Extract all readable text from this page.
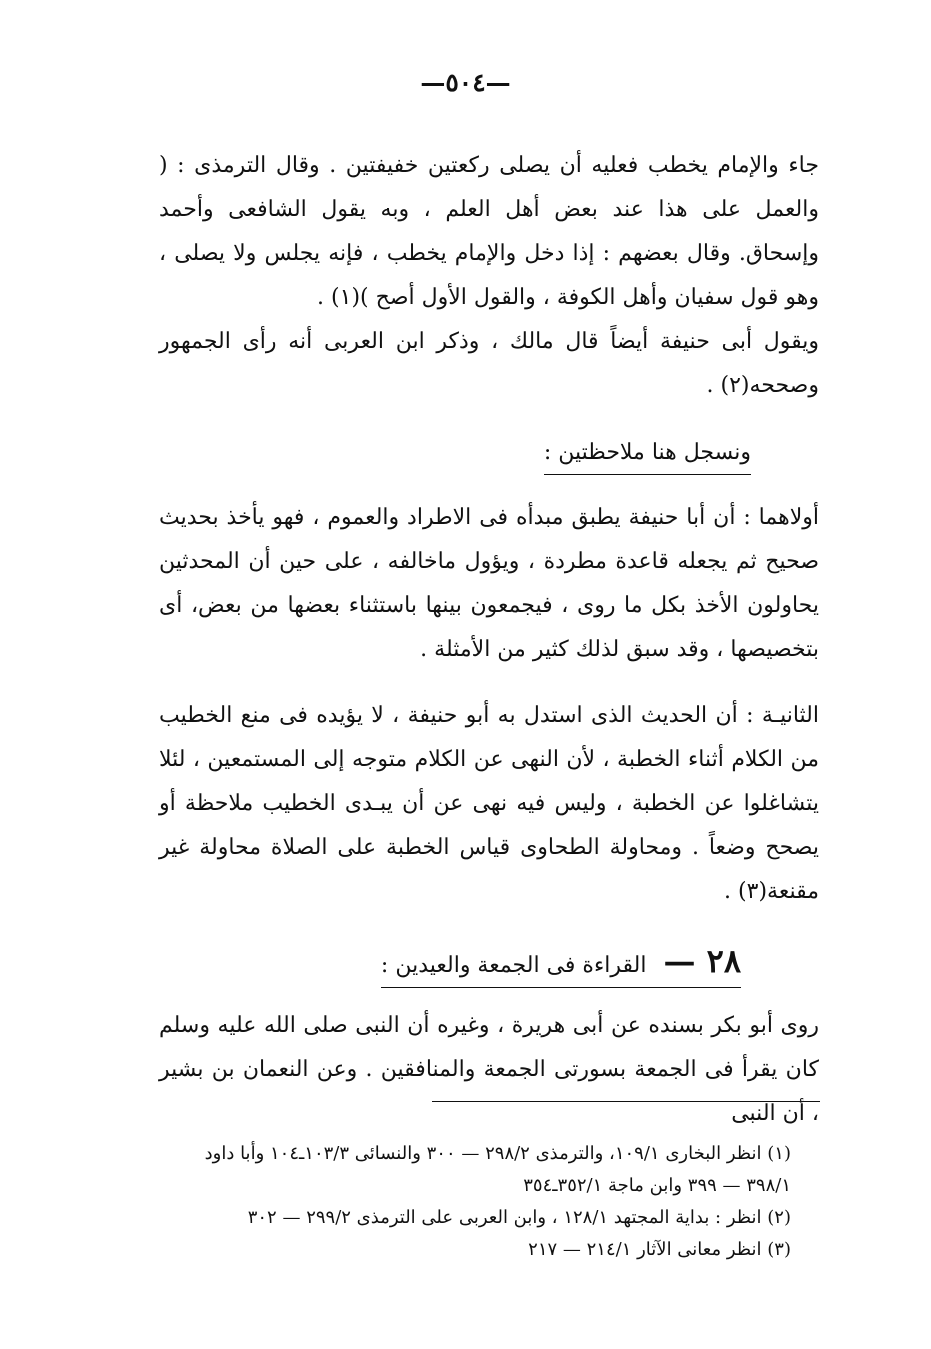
—٥٠٤—
جاء والإمام يخطب فعليه أن يصلى ركعتين خفيفتين . وقال الترمذى : ( والعمل على هذا عند بعض أهل العلم ، وبه يقول الشافعى وأحمد وإسحاق. وقال بعضهم : إذا دخل والإمام يخطب ، فإنه يجلس ولا يصلى ، وهو قول سفيان وأهل الكوفة ، والقول الأول أصح )(١) .
ويقول أبى حنيفة أيضاً قال مالك ، وذكر ابن العربى أنه رأى الجمهور وصححه(٢) .
ونسجل هنا ملاحظتين :
أولاهما : أن أبا حنيفة يطبق مبدأه فى الاطراد والعموم ، فهو يأخذ بحديث صحيح ثم يجعله قاعدة مطردة ، ويؤول ماخالفه ، على حين أن المحدثين يحاولون الأخذ بكل ما روى ، فيجمعون بينها باستثناء بعضها من بعض، أى بتخصيصها ، وقد سبق لذلك كثير من الأمثلة .
الثانيـة : أن الحديث الذى استدل به أبو حنيفة ، لا يؤيده فى منع الخطيب من الكلام أثناء الخطبة ، لأن النهى عن الكلام متوجه إلى المستمعين ، لئلا يتشاغلوا عن الخطبة ، وليس فيه نهى عن أن يبـدى الخطيب ملاحظة أو يصحح وضعاً . ومحاولة الطحاوى قياس الخطبة على الصلاة محاولة غير مقنعة(٣) .
٢٨ — القراءة فى الجمعة والعيدين :
روى أبو بكر بسنده عن أبى هريرة ، وغيره أن النبى صلى الله عليه وسلم كان يقرأ فى الجمعة بسورتى الجمعة والمنافقين . وعن النعمان بن بشير ، أن النبى
(١) انظر البخارى ١٠٩/١، والترمذى ٢٩٨/٢ — ٣٠٠ والنسائى ١٠٣/٣ـ١٠٤ وأبا داود ٣٩٨/١ — ٣٩٩ وابن ماجة ٣٥٢/١ـ٣٥٤
(٢) انظر : بداية المجتهد ١٢٨/١ ، وابن العربى على الترمذى ٢٩٩/٢ — ٣٠٢
(٣) انظر معانى الآثار ٢١٤/١ — ٢١٧
